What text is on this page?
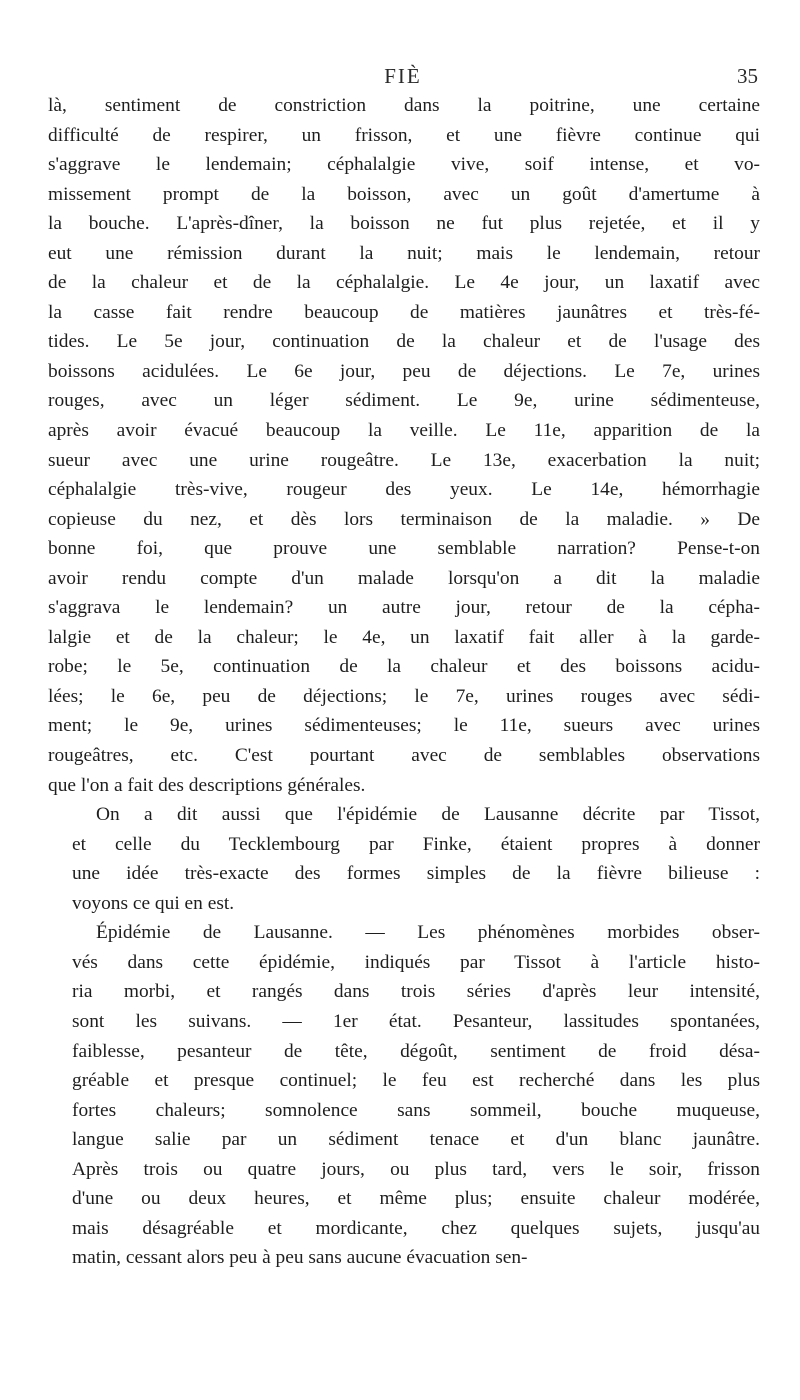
FIÈ	35

là, sentiment de constriction dans la poitrine, une certaine
difficulté de respirer, un frisson, et une fièvre continue qui
s'aggrave le lendemain; céphalalgie vive, soif intense, et vo-
missement prompt de la boisson, avec un goût d'amertume à
la bouche. L'après-dîner, la boisson ne fut plus rejetée, et il y
eut une rémission durant la nuit; mais le lendemain, retour
de la chaleur et de la céphalalgie. Le 4e jour, un laxatif avec
la casse fait rendre beaucoup de matières jaunâtres et très-fé-
tides. Le 5e jour, continuation de la chaleur et de l'usage des
boissons acidulées. Le 6e jour, peu de déjections. Le 7e, urines
rouges, avec un léger sédiment. Le 9e, urine sédimenteuse,
après avoir évacué beaucoup la veille. Le 11e, apparition de la
sueur avec une urine rougeâtre. Le 13e, exacerbation la nuit;
céphalalgie très-vive, rougeur des yeux. Le 14e, hémorrhagie
copieuse du nez, et dès lors terminaison de la maladie. » De
bonne foi, que prouve une semblable narration? Pense-t-on
avoir rendu compte d'un malade lorsqu'on a dit la maladie
s'aggrava le lendemain? un autre jour, retour de la cépha-
lalgie et de la chaleur; le 4e, un laxatif fait aller à la garde-
robe; le 5e, continuation de la chaleur et des boissons acidu-
lées; le 6e, peu de déjections; le 7e, urines rouges avec sédi-
ment; le 9e, urines sédimenteuses; le 11e, sueurs avec urines
rougeâtres, etc. C'est pourtant avec de semblables observations
que l'on a fait des descriptions générales.

On a dit aussi que l'épidémie de Lausanne décrite par Tissot,
et celle du Tecklembourg par Finke, étaient propres à donner
une idée très-exacte des formes simples de la fièvre bilieuse :
voyons ce qui en est.

Épidémie de Lausanne. — Les phénomènes morbides obser-
vés dans cette épidémie, indiqués par Tissot à l'article histo-
ria morbi, et rangés dans trois séries d'après leur intensité,
sont les suivans. — 1er état. Pesanteur, lassitudes spontanées,
faiblesse, pesanteur de tête, dégoût, sentiment de froid désa-
gréable et presque continuel; le feu est recherché dans les plus
fortes chaleurs; somnolence sans sommeil, bouche muqueuse,
langue salie par un sédiment tenace et d'un blanc jaunâtre.
Après trois ou quatre jours, ou plus tard, vers le soir, frisson
d'une ou deux heures, et même plus; ensuite chaleur modérée,
mais désagréable et mordicante, chez quelques sujets, jusqu'au
matin, cessant alors peu à peu sans aucune évacuation sen-
